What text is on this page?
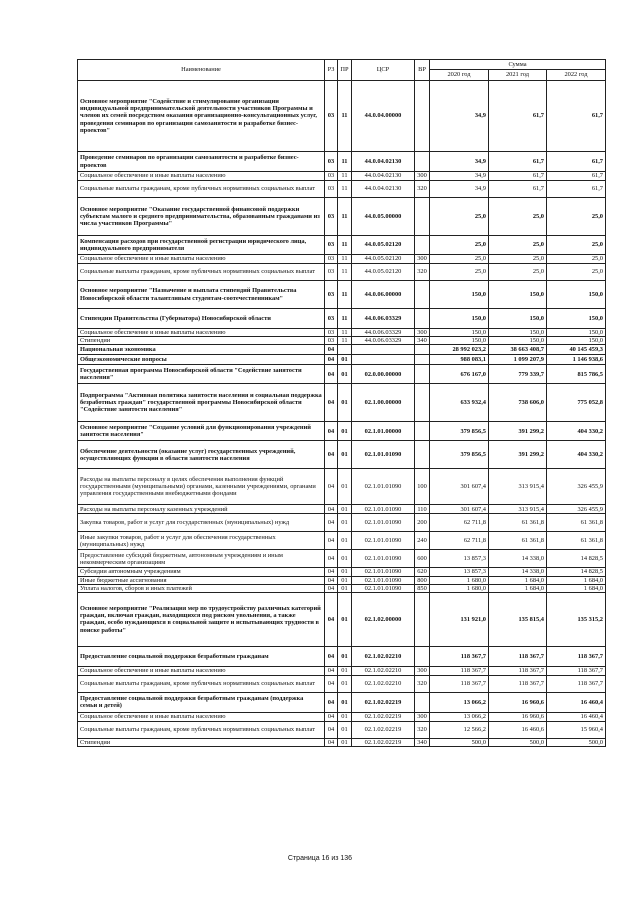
Наименование	РЗ	ПР	ЦСР	ВР	Сумма		
					2020 год	2021 год	2022 год
Основное мероприятие "Содействие и стимулирование организации индивидуальной предпринимательской деятельности участников Программы и членов их семей посредством оказания организационно-консультационных услуг, проведения семинаров по организации самозанятости и разработке бизнес-проектов"	03	11	44.0.04.00000		34,9	61,7	61,7
Проведение семинаров по организации самозанятости и разработке бизнес-проектов	03	11	44.0.04.02130		34,9	61,7	61,7
Социальное обеспечение и иные выплаты населению	03	11	44.0.04.02130	300	34,9	61,7	61,7
Социальные выплаты гражданам, кроме публичных нормативных социальных выплат	03	11	44.0.04.02130	320	34,9	61,7	61,7
Основное мероприятие "Оказание государственной финансовой поддержки субъектам малого и среднего предпринимательства, образованным гражданами из числа участников Программы"	03	11	44.0.05.00000		25,0	25,0	25,0
Компенсация расходов при государственной регистрации юридического лица, индивидуального предпринимателя	03	11	44.0.05.02120		25,0	25,0	25,0
Социальное обеспечение и иные выплаты населению	03	11	44.0.05.02120	300	25,0	25,0	25,0
Социальные выплаты гражданам, кроме публичных нормативных социальных выплат	03	11	44.0.05.02120	320	25,0	25,0	25,0
Основное мероприятие "Назначение и выплата стипендий Правительства Новосибирской области талантливым студентам-соотечественникам"	03	11	44.0.06.00000		150,0	150,0	150,0
Стипендии Правительства (Губернатора) Новосибирской области	03	11	44.0.06.03329		150,0	150,0	150,0
Социальное обеспечение и иные выплаты населению	03	11	44.0.06.03329	300	150,0	150,0	150,0
Стипендии	03	11	44.0.06.03329	340	150,0	150,0	150,0
Национальная экономика	04				28 992 023,2	38 663 408,7	40 145 459,3
Общеэкономические вопросы	04	01			988 083,1	1 099 207,9	1 146 938,6
Государственная программа Новосибирской области "Содействие занятости населения"	04	01	02.0.00.00000		676 167,0	779 339,7	815 786,5
Подпрограмма "Активная политика занятости населения и социальная поддержка безработных граждан" государственной программы Новосибирской области "Содействие занятости населения"	04	01	02.1.00.00000		633 932,4	738 606,0	775 052,8
Основное мероприятие "Создание условий для функционирования учреждений занятости населения"	04	01	02.1.01.00000		379 856,5	391 299,2	404 330,2
Обеспечение деятельности (оказание услуг) государственных учреждений, осуществляющих функции в области занятости населения	04	01	02.1.01.01090		379 856,5	391 299,2	404 330,2
Расходы на выплаты персоналу в целях обеспечения выполнения функций государственными (муниципальными) органами, казенными учреждениями, органами управления государственными внебюджетными фондами	04	01	02.1.01.01090	100	301 607,4	313 915,4	326 455,9
Расходы на выплаты персоналу казенных учреждений	04	01	02.1.01.01090	110	301 607,4	313 915,4	326 455,9
Закупка товаров, работ и услуг для государственных (муниципальных) нужд	04	01	02.1.01.01090	200	62 711,8	61 361,8	61 361,8
Иные закупки товаров, работ и услуг для обеспечения государственных (муниципальных) нужд	04	01	02.1.01.01090	240	62 711,8	61 361,8	61 361,8
Предоставление субсидий бюджетным, автономным учреждениям и иным некоммерческим организациям	04	01	02.1.01.01090	600	13 857,3	14 338,0	14 828,5
Субсидии автономным учреждениям	04	01	02.1.01.01090	620	13 857,3	14 338,0	14 828,5
Иные бюджетные ассигнования	04	01	02.1.01.01090	800	1 680,0	1 684,0	1 684,0
Уплата налогов, сборов и иных платежей	04	01	02.1.01.01090	850	1 680,0	1 684,0	1 684,0
Основное мероприятие "Реализация мер по трудоустройству различных категорий граждан, включая граждан, находящихся под риском увольнения, а также граждан, особо нуждающихся в социальной защите и испытывающих трудности в поиске работы"	04	01	02.1.02.00000		131 921,0	135 815,4	135 315,2
Предоставление социальной поддержки безработным гражданам	04	01	02.1.02.02210		118 367,7	118 367,7	118 367,7
Социальное обеспечение и иные выплаты населению	04	01	02.1.02.02210	300	118 367,7	118 367,7	118 367,7
Социальные выплаты гражданам, кроме публичных нормативных социальных выплат	04	01	02.1.02.02210	320	118 367,7	118 367,7	118 367,7
Предоставление социальной поддержки безработным гражданам (поддержка семьи и детей)	04	01	02.1.02.02219		13 066,2	16 960,6	16 460,4
Социальное обеспечение и иные выплаты населению	04	01	02.1.02.02219	300	13 066,2	16 960,6	16 460,4
Социальные выплаты гражданам, кроме публичных нормативных социальных выплат	04	01	02.1.02.02219	320	12 566,2	16 460,6	15 960,4
Стипендии	04	01	02.1.02.02219	340	500,0	500,0	500,0
Страница 16 из 136
